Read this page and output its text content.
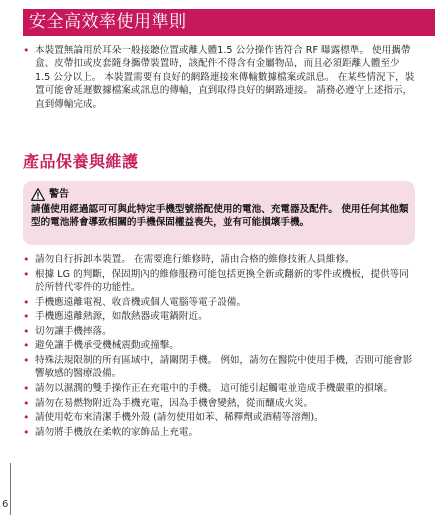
安全高效率使用準則
• 本裝置無論用於耳朵一般接聽位置或離人體1.5 公分操作皆符合 RF 曝露標準。 使用攜帶盒、皮帶扣或皮套隨身攜帶裝置時，該配件不得含有金屬物品，而且必須距離人體至少 1.5 公分以上。 本裝置需要有良好的網路連接來傳輸數據檔案或訊息。 在某些情況下，裝置可能會延遲數據檔案或訊息的傳輸，直到取得良好的網路連接。 請務必遵守上述指示，直到傳輸完成。
產品保養與維護
警告
請僅使用經過認可可與此特定手機型號搭配使用的電池、充電器及配件。 使用任何其他類型的電池將會導致相關的手機保固權益喪失，並有可能損壞手機。
• 請勿自行拆卸本裝置。 在需要進行維修時，請由合格的維修技術人員維修。
• 根據 LG 的判斷，保固期內的維修服務可能包括更換全新或翻新的零件或機板，提供等同於所替代零件的功能性。
• 手機應遠離電視、收音機或個人電腦等電子設備。
• 手機應遠離熱源，如散熱器或電鍋附近。
• 切勿讓手機摔落。
• 避免讓手機承受機械震動或撞擊。
• 特殊法規限制的所有區域中，請關閉手機。 例如，請勿在醫院中使用手機，否則可能會影響敏感的醫療設備。
• 請勿以濕潤的雙手操作正在充電中的手機。 這可能引起觸電並造成手機嚴重的損壞。
• 請勿在易燃物附近為手機充電，因為手機會變熱，從而釀成火災。
• 請使用乾布來清潔手機外殼 (請勿使用如苯、稀釋劑或酒精等溶劑)。
• 請勿將手機放在柔軟的家飾品上充電。
6
